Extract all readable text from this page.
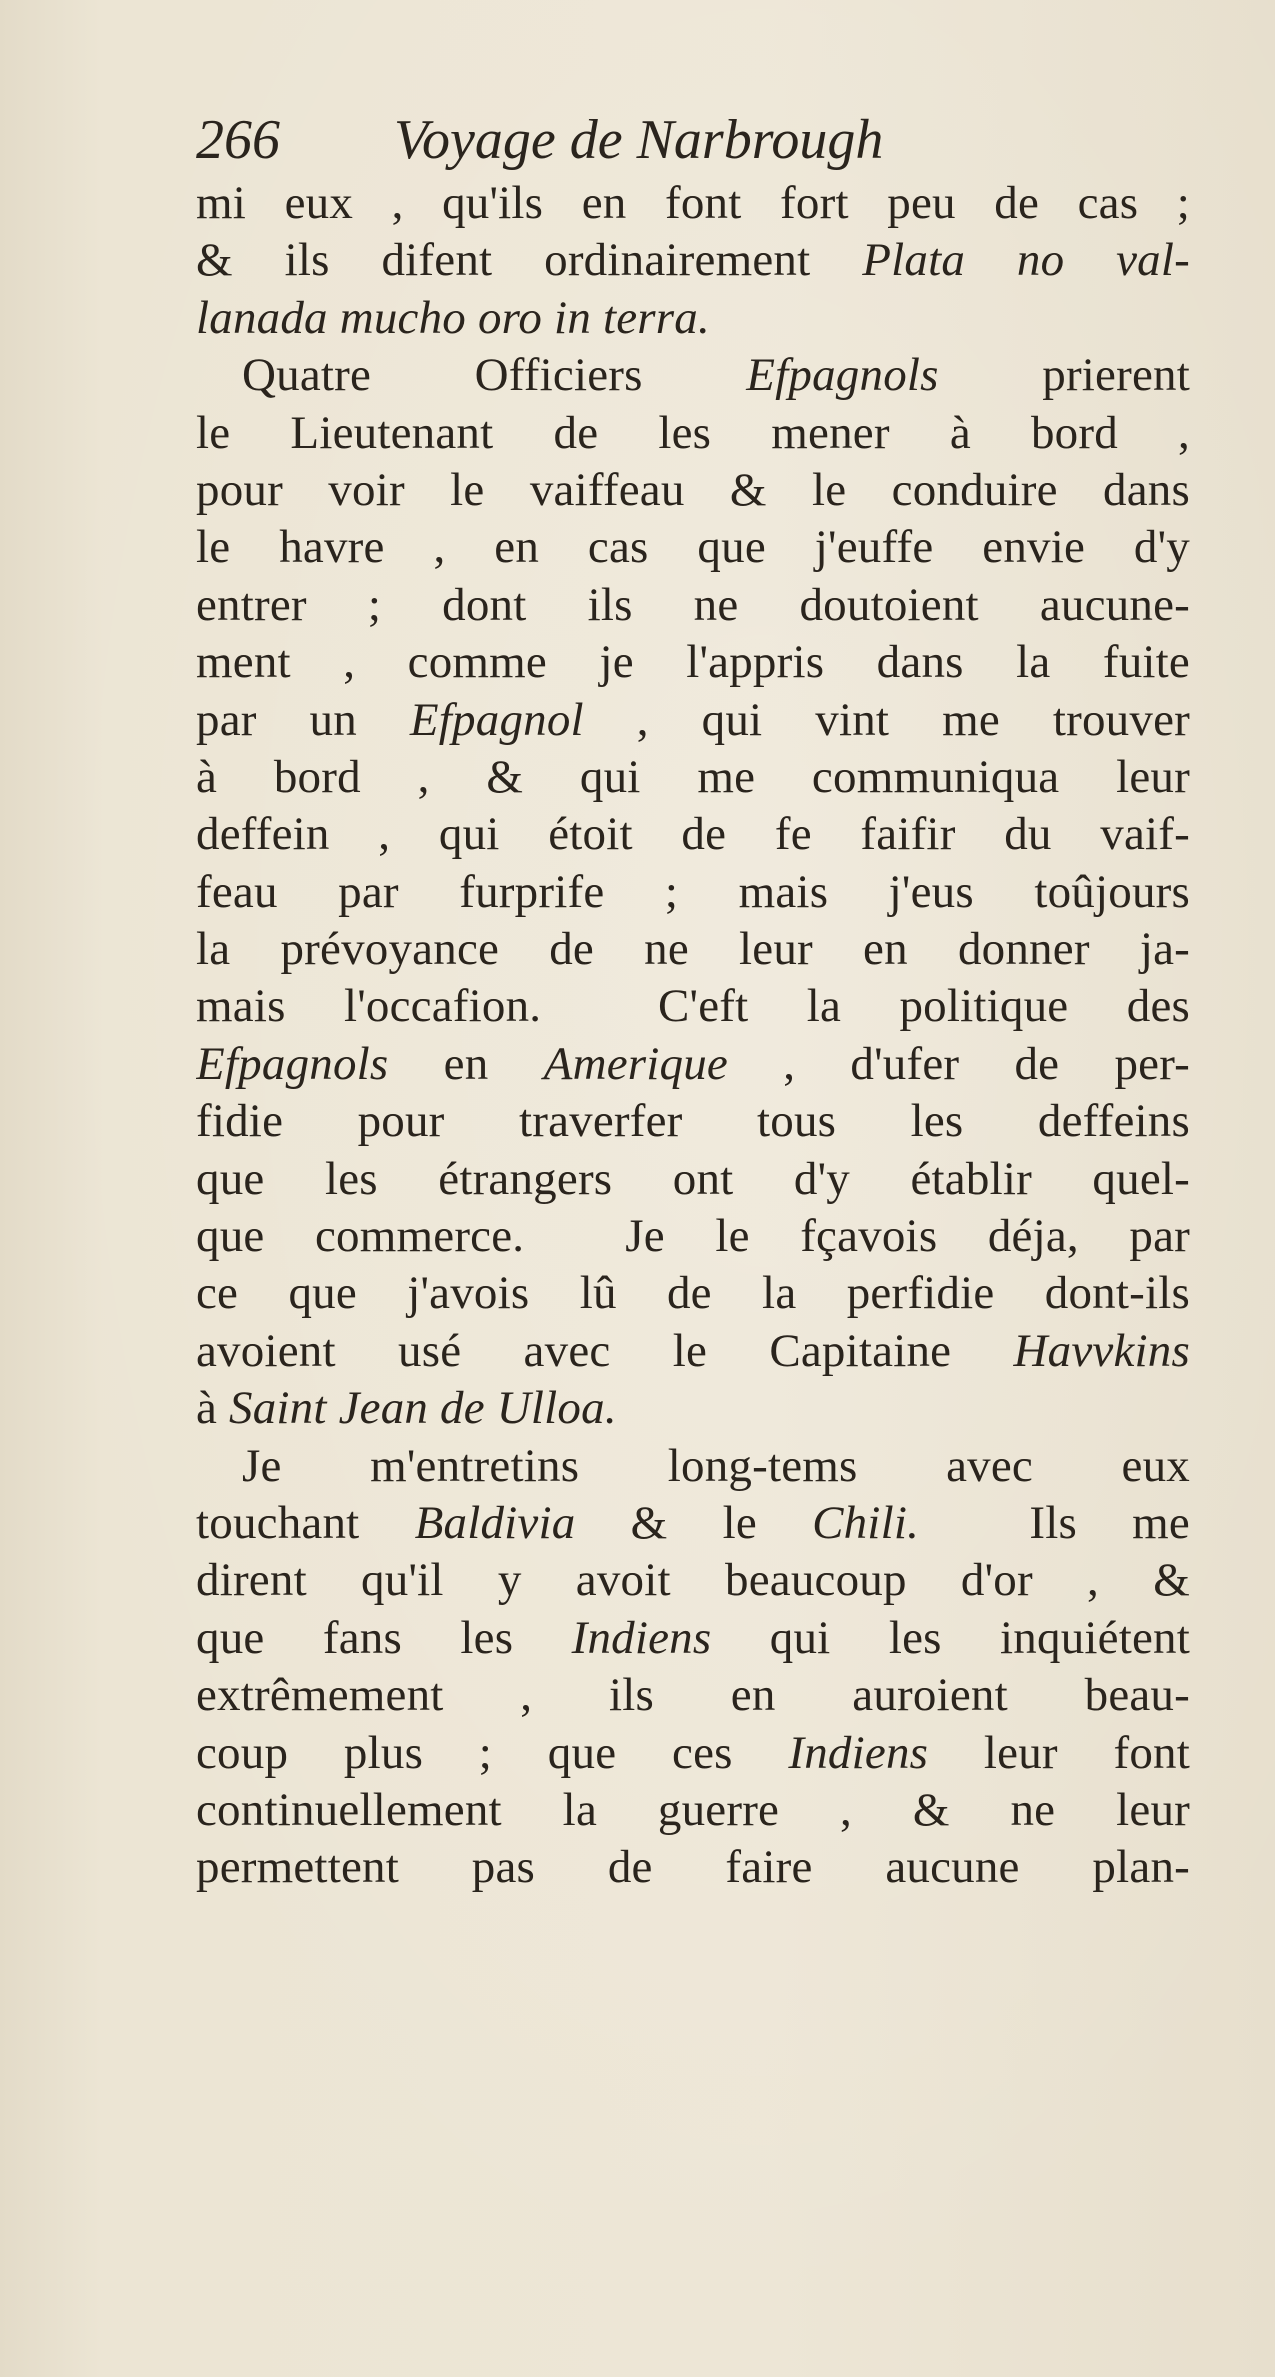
266 Voyage de Narbrough
mi eux , qu'ils en font fort peu de cas ;
& ils difent ordinairement Plata no val-
lanada mucho oro in terra.
Quatre Officiers Efpagnols prierent
le Lieutenant de les mener à bord ,
pour voir le vaiffeau & le conduire dans
le havre , en cas que j'euffe envie d'y
entrer ; dont ils ne doutoient aucune-
ment , comme je l'appris dans la fuite
par un Efpagnol , qui vint me trouver
à bord , & qui me communiqua leur
deffein , qui étoit de fe faifir du vaif-
feau par furprife ; mais j'eus toûjours
la prévoyance de ne leur en donner ja-
mais l'occafion.  C'eft la politique des
Efpagnols en Amerique , d'ufer de per-
fidie pour traverfer tous les deffeins
que les étrangers ont d'y établir quel-
que commerce.  Je le fçavois déja, par
ce que j'avois lû de la perfidie dont-ils
avoient usé avec le Capitaine Havvkins
à Saint Jean de Ulloa.
Je m'entretins long-tems avec eux
touchant Baldivia & le Chili.  Ils me
dirent qu'il y avoit beaucoup d'or , &
que fans les Indiens qui les inquiétent
extrêmement , ils en auroient beau-
coup plus ; que ces Indiens leur font
continuellement la guerre , & ne leur
permettent pas de faire aucune plan-
